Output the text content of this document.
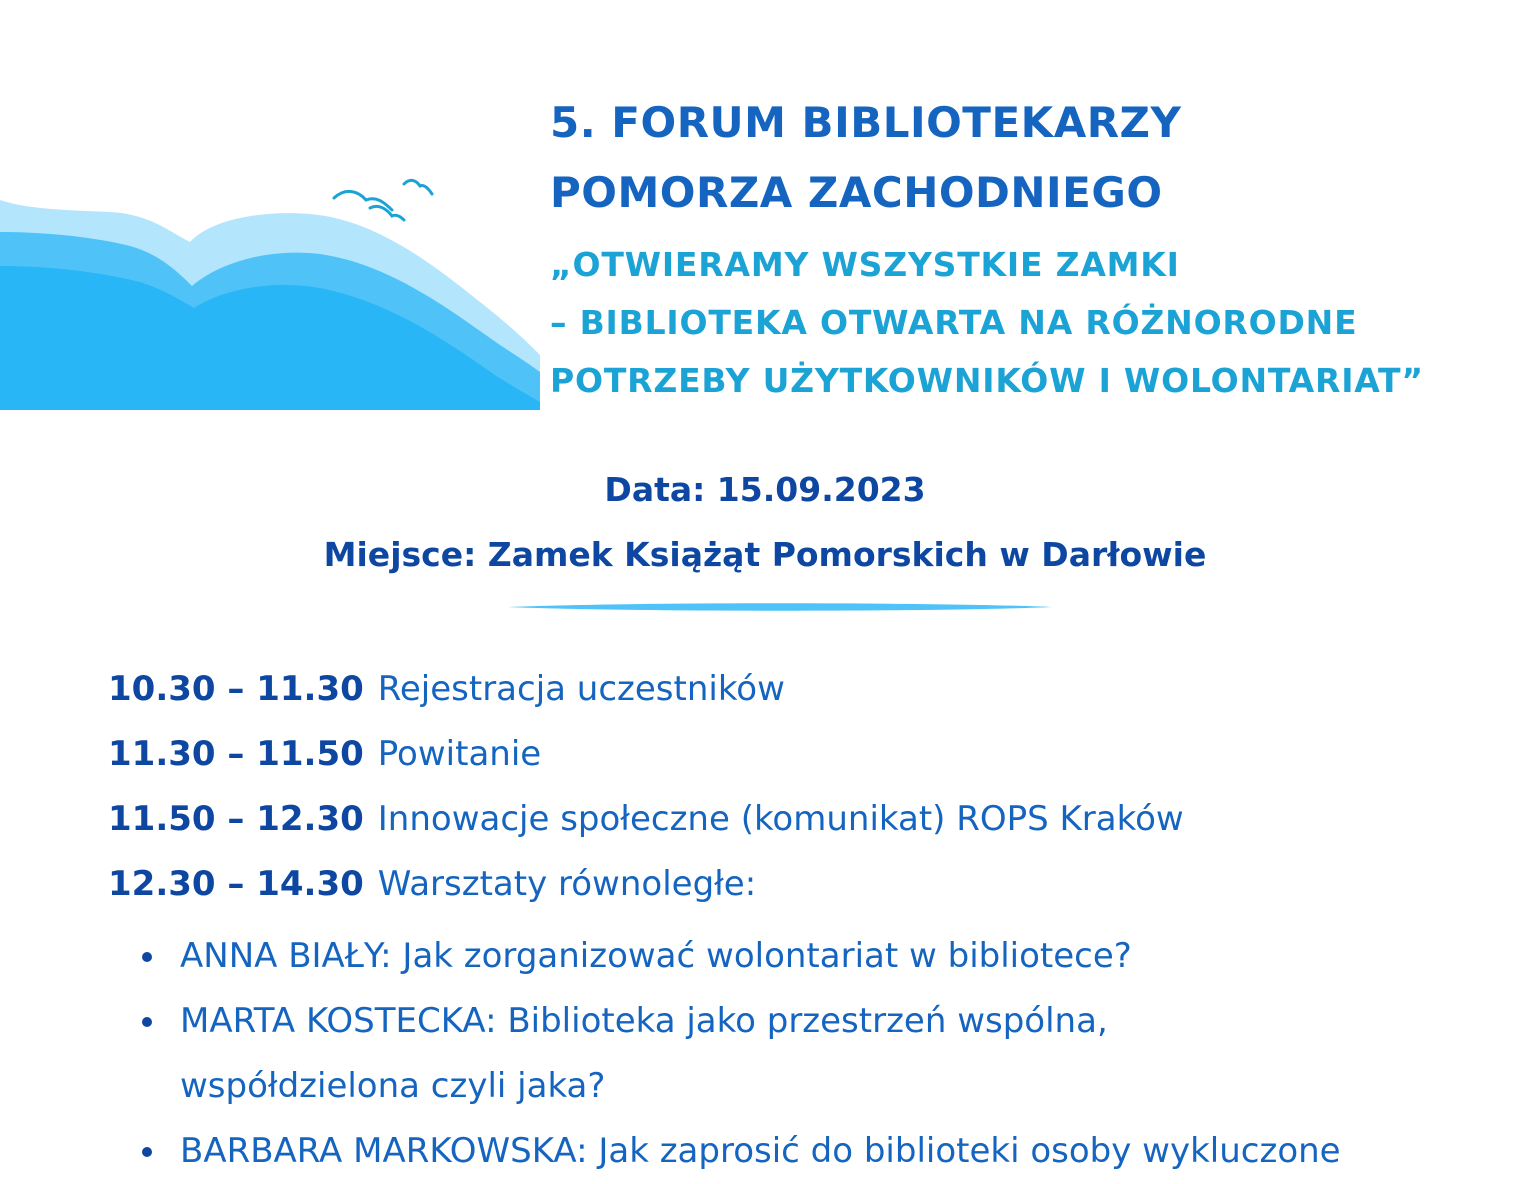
5. FORUM BIBLIOTEKARZY
POMORZA ZACHODNIEGO
„OTWIERAMY WSZYSTKIE ZAMKI
– BIBLIOTEKA OTWARTA NA RÓŻNORODNE
POTRZEBY UŻYTKOWNIKÓW I WOLONTARIAT”
Data: 15.09.2023
Miejsce: Zamek Książąt Pomorskich w Darłowie
10.30 – 11.30 Rejestracja uczestników
11.30 – 11.50 Powitanie
11.50 – 12.30 Innowacje społeczne (komunikat) ROPS Kraków
12.30 – 14.30 Warsztaty równoległe:
ANNA BIAŁY: Jak zorganizować wolontariat w bibliotece?
MARTA KOSTECKA: Biblioteka jako przestrzeń wspólna,
współdzielona czyli jaka?
BARBARA MARKOWSKA: Jak zaprosić do biblioteki osoby wykluczone
